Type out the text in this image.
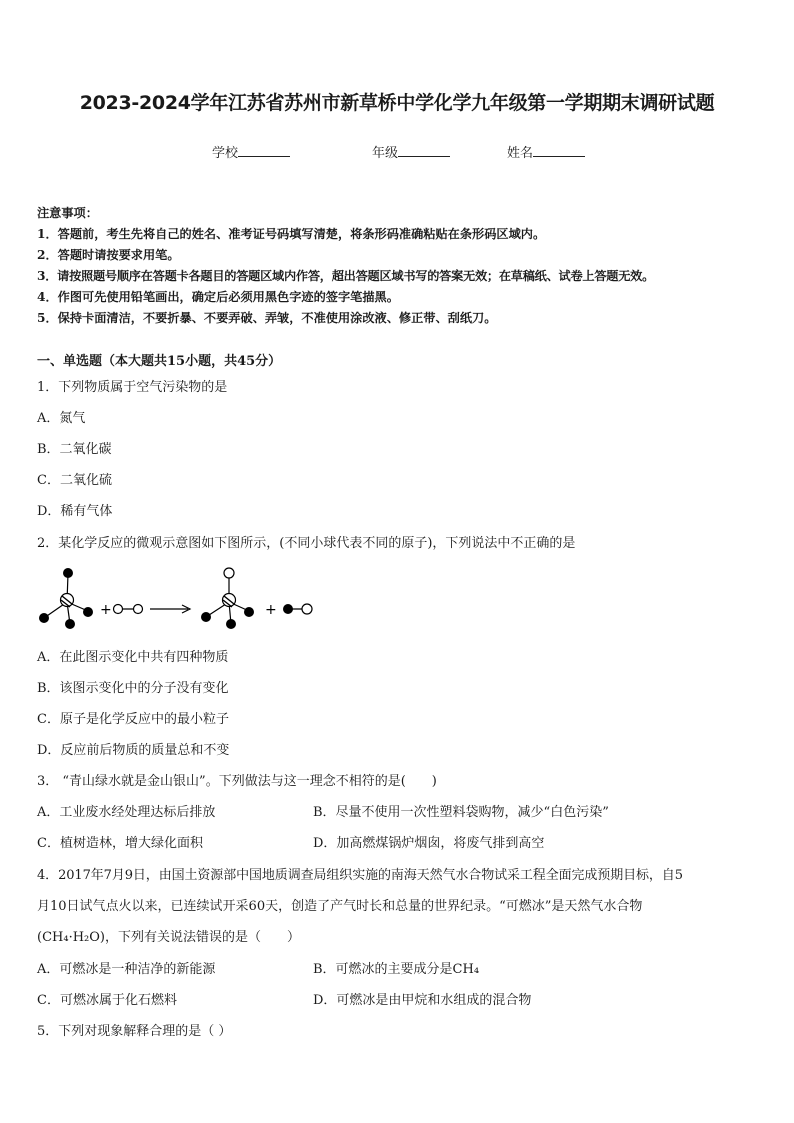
2023-2024学年江苏省苏州市新草桥中学化学九年级第一学期期末调研试题
学校	年级	姓名
注意事项：
1．答题前，考生先将自己的姓名、准考证号码填写清楚，将条形码准确粘贴在条形码区域内。
2．答题时请按要求用笔。
3．请按照题号顺序在答题卡各题目的答题区域内作答，超出答题区域书写的答案无效；在草稿纸、试卷上答题无效。
4．作图可先使用铅笔画出，确定后必须用黑色字迹的签字笔描黑。
5．保持卡面清洁，不要折暴、不要弄破、弄皱，不准使用涂改液、修正带、刮纸刀。
一、单选题（本大题共15小题，共45分）
1．下列物质属于空气污染物的是
A．氮气
B．二氧化碳
C．二氧化硫
D．稀有气体
2．某化学反应的微观示意图如下图所示，(不同小球代表不同的原子)，下列说法中不正确的是
+	+
A．在此图示变化中共有四种物质
B．该图示变化中的分子没有变化
C．原子是化学反应中的最小粒子
D．反应前后物质的质量总和不变
3． “青山绿水就是金山银山”。下列做法与这一理念不相符的是(　　)
A．工业废水经处理达标后排放	B．尽量不使用一次性塑料袋购物，减少“白色污染”
C．植树造林，增大绿化面积	D．加高燃煤锅炉烟囱，将废气排到高空
4．2017年7月9日，由国土资源部中国地质调查局组织实施的南海天然气水合物试采工程全面完成预期目标，自5
月10日试气点火以来，已连续试开采60天，创造了产气时长和总量的世界纪录。“可燃冰”是天然气水合物
(CH₄·H₂O)，下列有关说法错误的是（　　）
A．可燃冰是一种洁净的新能源	B．可燃冰的主要成分是CH₄
C．可燃冰属于化石燃料	D．可燃冰是由甲烷和水组成的混合物
5．下列对现象解释合理的是（ ）
